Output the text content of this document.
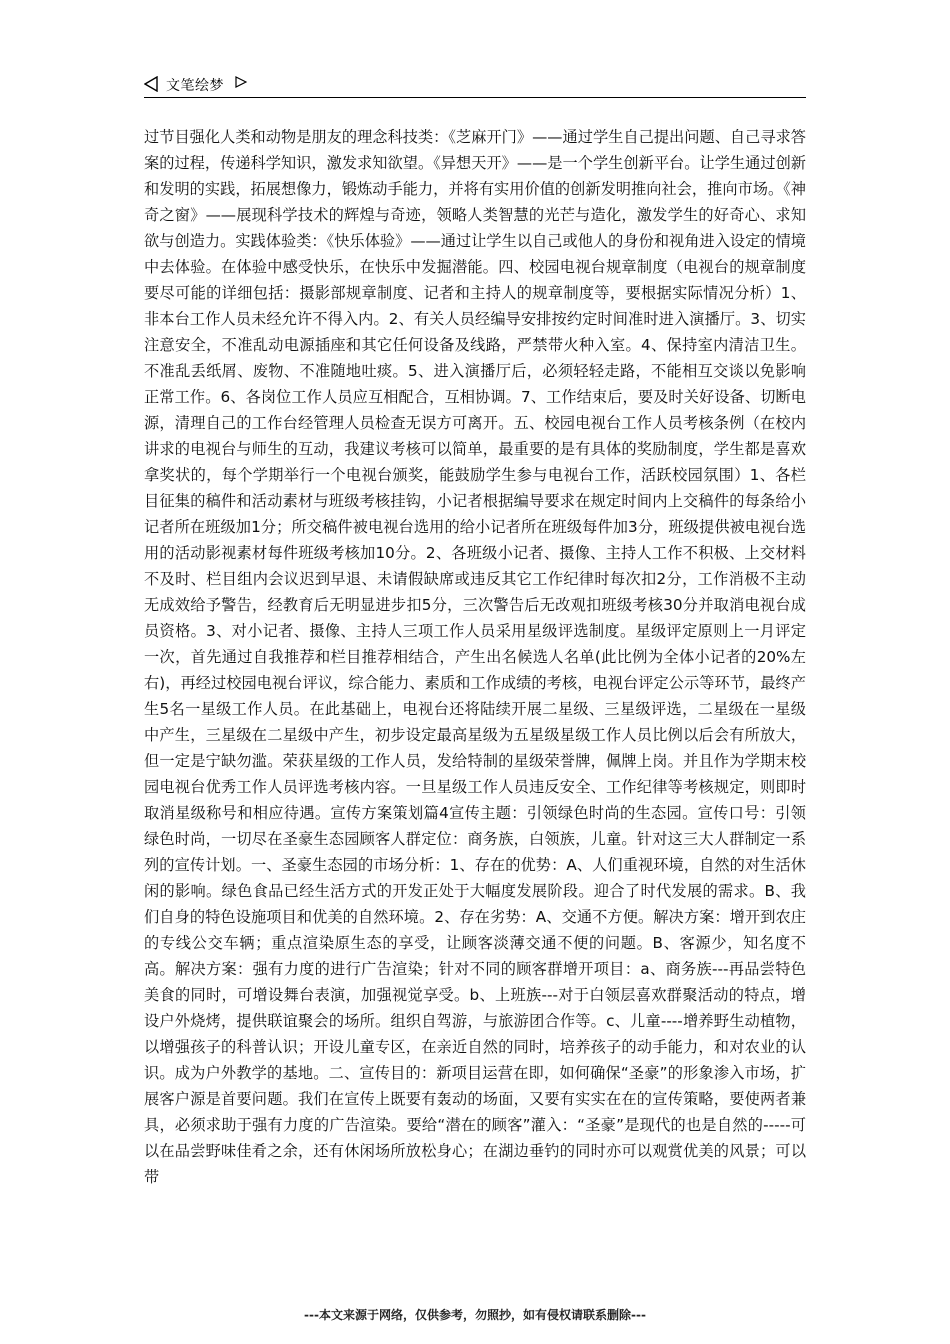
文笔绘梦

过节目强化人类和动物是朋友的理念科技类：《芝麻开门》——通过学生自己提出问题、自己寻求答案的过程，传递科学知识，激发求知欲望。《异想天开》——是一个学生创新平台。让学生通过创新和发明的实践，拓展想像力，锻炼动手能力，并将有实用价值的创新发明推向社会，推向市场。《神奇之窗》——展现科学技术的辉煌与奇迹，领略人类智慧的光芒与造化，激发学生的好奇心、求知欲与创造力。实践体验类：《快乐体验》——通过让学生以自己或他人的身份和视角进入设定的情境中去体验。在体验中感受快乐，在快乐中发掘潜能。四、校园电视台规章制度（电视台的规章制度要尽可能的详细包括：摄影部规章制度、记者和主持人的规章制度等，要根据实际情况分析）1、非本台工作人员未经允许不得入内。2、有关人员经编导安排按约定时间准时进入演播厅。3、切实注意安全，不准乱动电源插座和其它任何设备及线路，严禁带火种入室。4、保持室内清洁卫生。不准乱丢纸屑、废物、不准随地吐痰。5、进入演播厅后，必须轻轻走路，不能相互交谈以免影响正常工作。6、各岗位工作人员应互相配合，互相协调。7、工作结束后，要及时关好设备、切断电源，清理自己的工作台经管理人员检查无误方可离开。五、校园电视台工作人员考核条例（在校内讲求的电视台与师生的互动，我建议考核可以简单，最重要的是有具体的奖励制度，学生都是喜欢拿奖状的，每个学期举行一个电视台颁奖，能鼓励学生参与电视台工作，活跃校园氛围）1、各栏目征集的稿件和活动素材与班级考核挂钩，小记者根据编导要求在规定时间内上交稿件的每条给小记者所在班级加1分；所交稿件被电视台选用的给小记者所在班级每件加3分，班级提供被电视台选用的活动影视素材每件班级考核加10分。2、各班级小记者、摄像、主持人工作不积极、上交材料不及时、栏目组内会议迟到早退、未请假缺席或违反其它工作纪律时每次扣2分，工作消极不主动无成效给予警告，经教育后无明显进步扣5分，三次警告后无改观扣班级考核30分并取消电视台成员资格。3、对小记者、摄像、主持人三项工作人员采用星级评选制度。星级评定原则上一月评定一次，首先通过自我推荐和栏目推荐相结合，产生出名候选人名单(此比例为全体小记者的20%左右)，再经过校园电视台评议，综合能力、素质和工作成绩的考核，电视台评定公示等环节，最终产生5名一星级工作人员。在此基础上，电视台还将陆续开展二星级、三星级评选，二星级在一星级中产生，三星级在二星级中产生，初步设定最高星级为五星级星级工作人员比例以后会有所放大，但一定是宁缺勿滥。荣获星级的工作人员，发给特制的星级荣誉牌，佩牌上岗。并且作为学期末校园电视台优秀工作人员评选考核内容。一旦星级工作人员违反安全、工作纪律等考核规定，则即时取消星级称号和相应待遇。宣传方案策划篇4宣传主题：引领绿色时尚的生态园。宣传口号：引领绿色时尚，一切尽在圣豪生态园顾客人群定位：商务族，白领族，儿童。针对这三大人群制定一系列的宣传计划。一、圣豪生态园的市场分析：1、存在的优势：A、人们重视环境，自然的对生活休闲的影响。绿色食品已经生活方式的开发正处于大幅度发展阶段。迎合了时代发展的需求。B、我们自身的特色设施项目和优美的自然环境。2、存在劣势：A、交通不方便。解决方案：增开到农庄的专线公交车辆；重点渲染原生态的享受，让顾客淡薄交通不便的问题。B、客源少，知名度不高。解决方案：强有力度的进行广告渲染；针对不同的顾客群增开项目：a、商务族---再品尝特色美食的同时，可增设舞台表演，加强视觉享受。b、上班族---对于白领层喜欢群聚活动的特点，增设户外烧烤，提供联谊聚会的场所。组织自驾游，与旅游团合作等。c、儿童----增养野生动植物，以增强孩子的科普认识；开设儿童专区，在亲近自然的同时，培养孩子的动手能力，和对农业的认识。成为户外教学的基地。二、宣传目的：新项目运营在即，如何确保“圣豪”的形象渗入市场，扩展客户源是首要问题。我们在宣传上既要有轰动的场面，又要有实实在在的宣传策略，要使两者兼具，必须求助于强有力度的广告渲染。要给“潜在的顾客”灌入：“圣豪”是现代的也是自然的-----可以在品尝野味佳肴之余，还有休闲场所放松身心；在湖边垂钓的同时亦可以观赏优美的风景；可以带

---本文来源于网络，仅供参考，勿照抄，如有侵权请联系删除---
